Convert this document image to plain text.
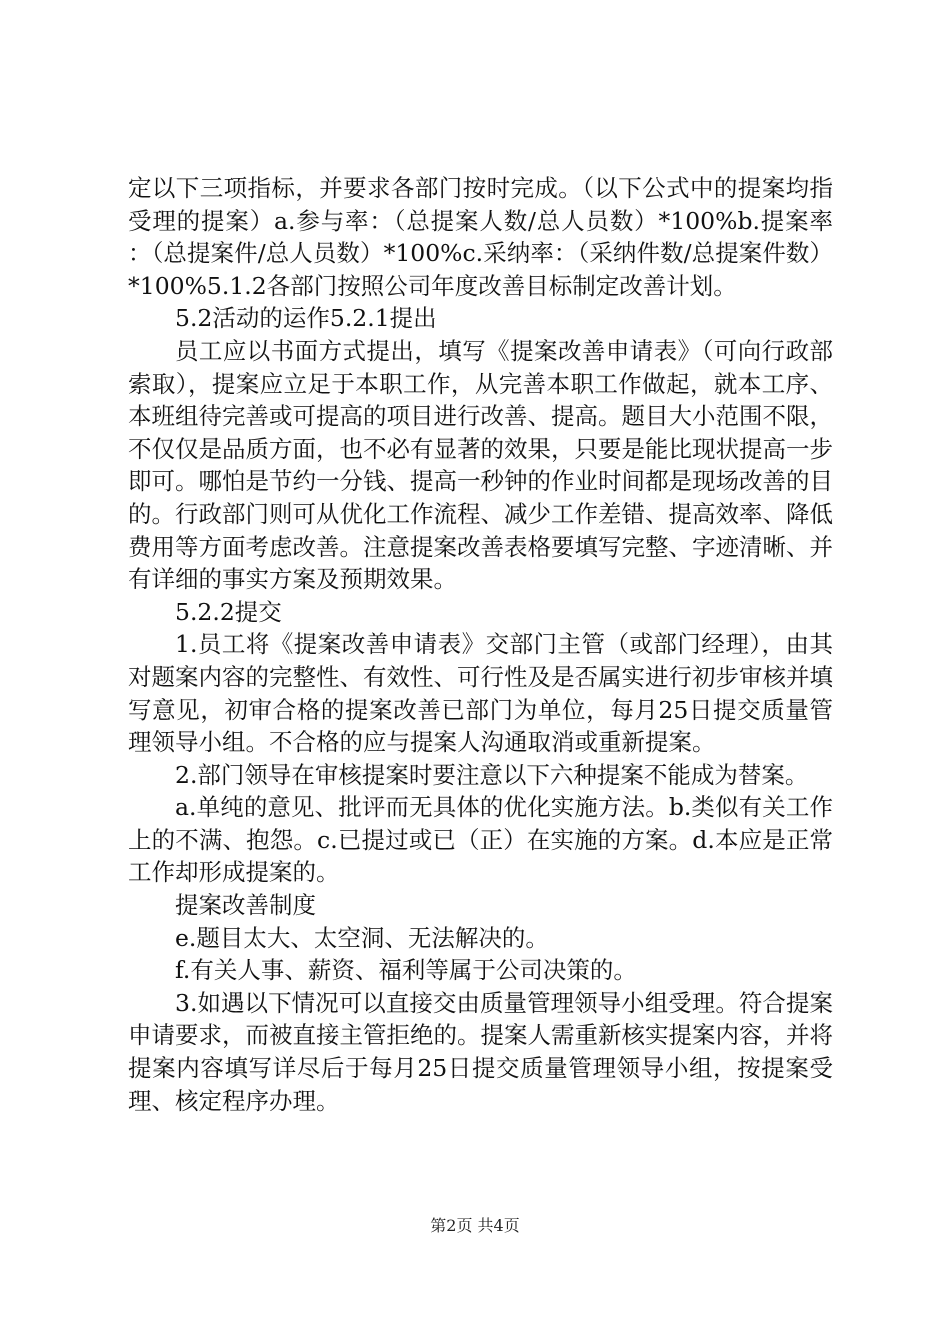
定以下三项指标，并要求各部门按时完成。（以下公式中的提案均指受理的提案）a.参与率：（总提案人数/总人员数）*100%b.提案率：（总提案件/总人员数）*100%c.采纳率：（采纳件数/总提案件数）*100%5.1.2各部门按照公司年度改善目标制定改善计划。

5.2活动的运作5.2.1提出

员工应以书面方式提出，填写《提案改善申请表》（可向行政部索取），提案应立足于本职工作，从完善本职工作做起，就本工序、本班组待完善或可提高的项目进行改善、提高。题目大小范围不限，不仅仅是品质方面，也不必有显著的效果，只要是能比现状提高一步即可。哪怕是节约一分钱、提高一秒钟的作业时间都是现场改善的目的。行政部门则可从优化工作流程、减少工作差错、提高效率、降低费用等方面考虑改善。注意提案改善表格要填写完整、字迹清晰、并有详细的事实方案及预期效果。

5.2.2提交

1.员工将《提案改善申请表》交部门主管（或部门经理），由其对题案内容的完整性、有效性、可行性及是否属实进行初步审核并填写意见，初审合格的提案改善已部门为单位，每月25日提交质量管理领导小组。不合格的应与提案人沟通取消或重新提案。

2.部门领导在审核提案时要注意以下六种提案不能成为替案。

a.单纯的意见、批评而无具体的优化实施方法。b.类似有关工作上的不满、抱怨。c.已提过或已（正）在实施的方案。d.本应是正常工作却形成提案的。

提案改善制度

e.题目太大、太空洞、无法解决的。

f.有关人事、薪资、福利等属于公司决策的。

3.如遇以下情况可以直接交由质量管理领导小组受理。符合提案申请要求，而被直接主管拒绝的。提案人需重新核实提案内容，并将提案内容填写详尽后于每月25日提交质量管理领导小组，按提案受理、核定程序办理。

第2页 共4页
